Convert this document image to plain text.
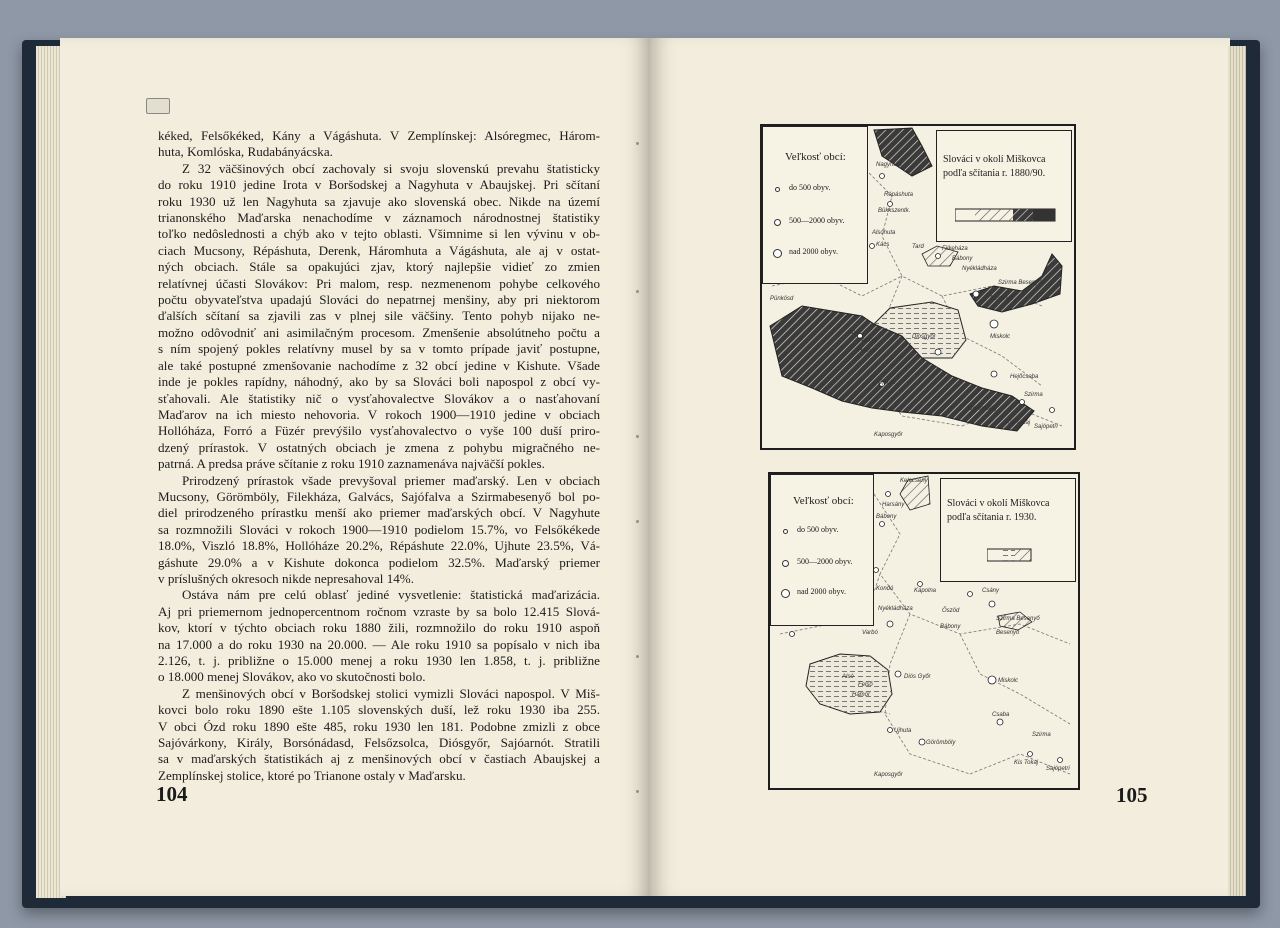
kéked, Felsőkéked, Kány a Vágáshuta. V Zemplínskej: Alsóregmec, Három-
huta, Komlóska, Rudabányácska.
Z 32 väčšinových obcí zachovaly si svoju slovenskú prevahu štatisticky
do roku 1910 jedine Irota v Boršodskej a Nagyhuta v Abaujskej. Pri sčítaní
roku 1930 už len Nagyhuta sa zjavuje ako slovenská obec. Nikde na území
trianonského Maďarska nenachodíme v záznamoch národnostnej štatistiky
toľko nedôslednosti a chýb ako v tejto oblasti. Všimnime si len vývinu v ob-
ciach Mucsony, Répáshuta, Derenk, Háromhuta a Vágáshuta, ale aj v ostat-
ných obciach. Stále sa opakujúci zjav, ktorý najlepšie vidieť zo zmien
relatívnej účasti Slovákov: Pri malom, resp. nezmenenom pohybe celkového
počtu obyvateľstva upadajú Slováci do nepatrnej menšiny, aby pri niektorom
ďalších sčítaní sa zjavili zas v plnej sile väčšiny. Tento pohyb nijako ne-
možno odôvodniť ani asimilačným procesom. Zmenšenie absolútneho počtu a
s ním spojený pokles relatívny musel by sa v tomto prípade javiť postupne,
ale také postupné zmenšovanie nachodíme z 32 obcí jedine v Kishute. Všade
inde je pokles rapídny, náhodný, ako by sa Slováci boli napospol z obcí vy-
sťahovali. Ale štatistiky nič o vysťahovalectve Slovákov a o nasťahovaní
Maďarov na ich miesto nehovoria. V rokoch 1900—1910 jedine v obciach
Hollóháza, Forró a Füzér prevýšilo vysťahovalectvo o vyše 100 duší priro-
dzený prírastok. V ostatných obciach je zmena z pohybu migračného ne-
patrná. A predsa práve sčítanie z roku 1910 zaznamenáva najväčší pokles.
Prirodzený prírastok všade prevyšoval priemer maďarský. Len v obciach
Mucsony, Görömböly, Filekháza, Galvács, Sajófalva a Szirmabesenyő bol po-
diel prirodzeného prírastku menší ako priemer maďarských obcí. V Nagyhute
sa rozmnožili Slováci v rokoch 1900—1910 podielom 15.7%, vo Felsőkékede
18.0%, Viszló 18.8%, Hollóháze 20.2%, Répáshute 22.0%, Ujhute 23.5%, Vá-
gáshute 29.0% a v Kishute dokonca podielom 32.5%. Maďarský priemer
v príslušných okresoch nikde nepresahoval 14%.
Ostáva nám pre celú oblasť jediné vysvetlenie: štatistická maďarizácia.
Aj pri priemernom jednopercentnom ročnom vzraste by sa bolo 12.415 Slová-
kov, ktorí v týchto obciach roku 1880 žili, rozmnožilo do roku 1910 aspoň
na 17.000 a do roku 1930 na 20.000. — Ale roku 1910 sa popísalo v nich iba
2.126, t. j. približne o 15.000 menej a roku 1930 len 1.858, t. j. približne
o 18.000 menej Slovákov, ako vo skutočnosti bolo.
Z menšinových obcí v Boršodskej stolici vymizli Slováci napospol. V Miš-
kovci bolo roku 1890 ešte 1.105 slovenských duší, lež roku 1930 iba 255.
V obci Ózd roku 1890 ešte 485, roku 1930 len 181. Podobne zmizli z obce
Sajóvárkony, Király, Borsónádasd, Felsőzsolca, Diósgyőr, Sajóarnót. Stratili
sa v maďarských štatistikách aj z menšinových obcí v častiach Abaujskej a
Zemplínskej stolice, ktoré po Trianone ostaly v Maďarsku.
104
Veľkosť obcí:
do 500 obyv.
500—2000 obyv.
nad 2000 obyv.
Slováci v okolí Miškovca
podľa sčítania r. 1880/90.
Nagyhuta
Répáshuta
Bükkszentk.
Alsóhuta
Kács	Tard
Bábony
Nyékládháza
Szirma Besenyő
Besenyő
Filkeháza
Pünkösd
Ábrá
Felsőd
Hámor
Diósgyőr	Miskolc
Ujhuta
Hejőcsaba
Szirma
Görömböly
Kis Tokaj
Sajópetri
Kaposgyőr
Veľkosť obcí:
do 500 obyv.
500—2000 obyv.
nad 2000 obyv.
Slováci v okolí Miškovca
podľa sčítania r. 1930.
Kelecsény
Harsány
Bábony
Kondó	Kápolna	Csány
Nyékládháza	Őszöd
Szirma Besenyő
Besenyő
Varbó
Bábony
Alsó
Felső
Hámor
Diós Győr
Miskolc
Ujhuta
Csaba
Szirma
Görömböly
Kis Tokaj
Sajópetri
Kaposgyőr
105
